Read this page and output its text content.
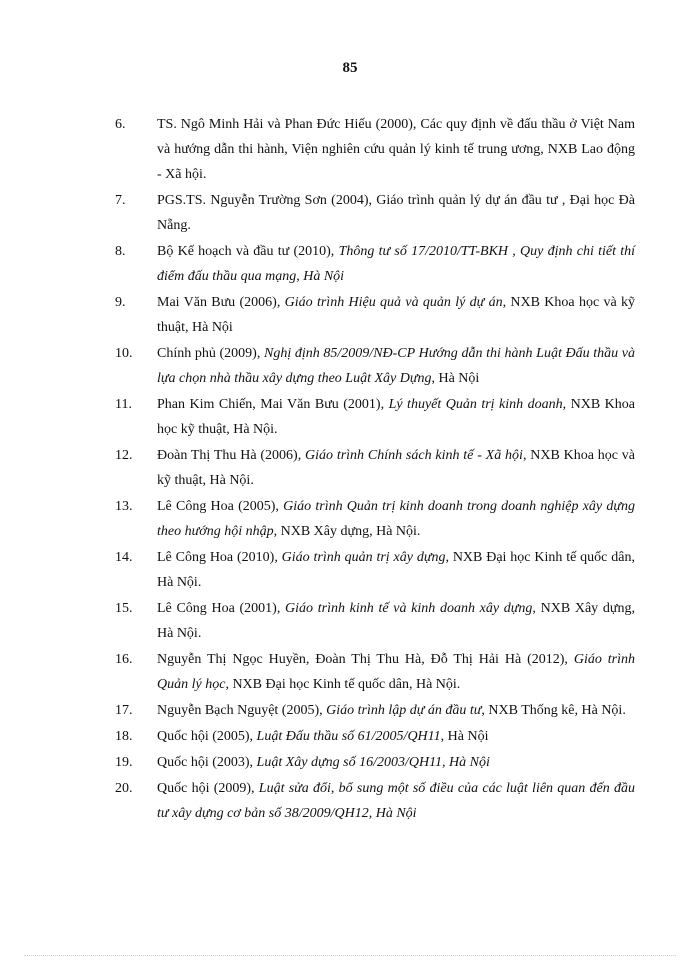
85
6. TS. Ngô Minh Hải và Phan Đức Hiếu (2000), Các quy định về đấu thầu ở Việt Nam và hướng dẫn thi hành, Viện nghiên cứu quản lý kinh tế trung ương, NXB Lao động - Xã hội.
7. PGS.TS. Nguyễn Trường Sơn (2004), Giáo trình quản lý dự án đầu tư , Đại học Đà Nẵng.
8. Bộ Kế hoạch và đầu tư (2010), Thông tư số 17/2010/TT-BKH , Quy định chi tiết thí điểm đấu thầu qua mạng, Hà Nội
9. Mai Văn Bưu (2006), Giáo trình Hiệu quả và quản lý dự án, NXB Khoa học và kỹ thuật, Hà Nội
10. Chính phủ (2009), Nghị định 85/2009/NĐ-CP Hướng dẫn thi hành Luật Đấu thầu và lựa chọn nhà thầu xây dựng theo Luật Xây Dựng, Hà Nội
11. Phan Kim Chiến, Mai Văn Bưu (2001), Lý thuyết Quản trị kinh doanh, NXB Khoa học kỹ thuật, Hà Nội.
12. Đoàn Thị Thu Hà (2006), Giáo trình Chính sách kinh tế - Xã hội, NXB Khoa học và kỹ thuật, Hà Nội.
13. Lê Công Hoa (2005), Giáo trình Quản trị kinh doanh trong doanh nghiệp xây dựng theo hướng hội nhập, NXB Xây dựng, Hà Nội.
14. Lê Công Hoa (2010), Giáo trình quản trị xây dựng, NXB Đại học Kinh tế quốc dân, Hà Nội.
15. Lê Công Hoa (2001), Giáo trình kinh tế và kinh doanh xây dựng, NXB Xây dựng, Hà Nội.
16. Nguyễn Thị Ngọc Huyền, Đoàn Thị Thu Hà, Đỗ Thị Hải Hà (2012), Giáo trình Quản lý học, NXB Đại học Kinh tế quốc dân, Hà Nội.
17. Nguyễn Bạch Nguyệt (2005), Giáo trình lập dự án đầu tư, NXB Thống kê, Hà Nội.
18. Quốc hội (2005), Luật Đấu thầu số 61/2005/QH11, Hà Nội
19. Quốc hội (2003), Luật Xây dựng số 16/2003/QH11, Hà Nội
20. Quốc hội (2009), Luật sửa đổi, bổ sung một số điều của các luật liên quan đến đầu tư xây dựng cơ bản số 38/2009/QH12, Hà Nội
